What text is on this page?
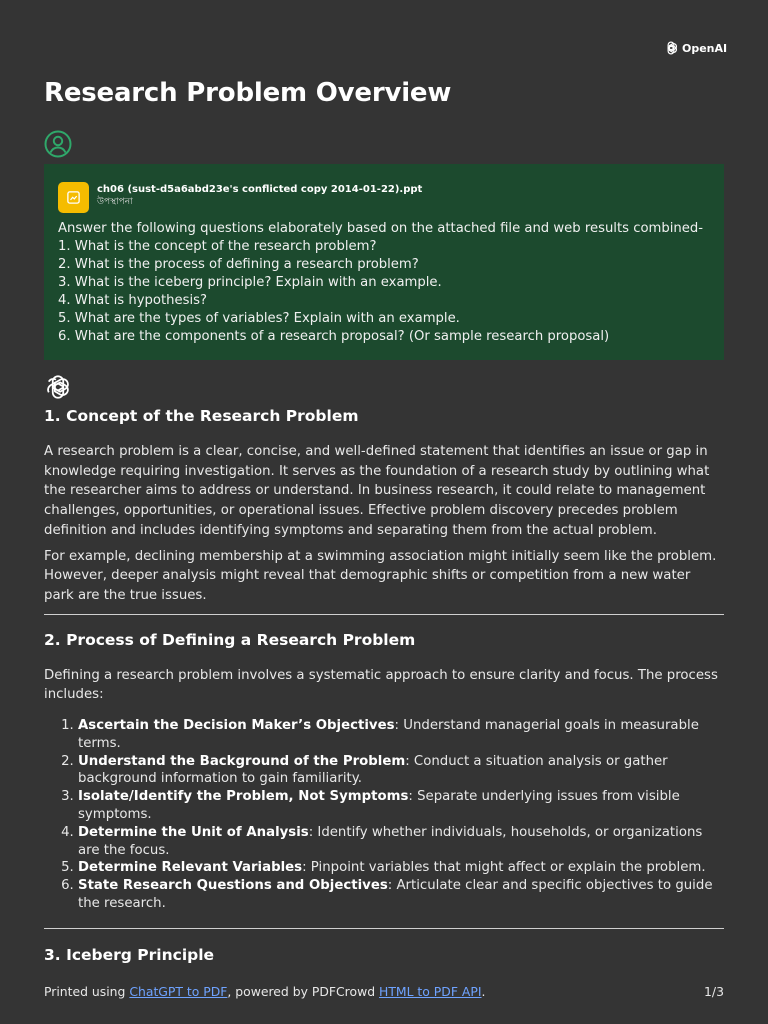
OpenAI
Research Problem Overview
ch06 (sust-d5a6abd23e's conflicted copy 2014-01-22).ppt
উপস্থাপনা
Answer the following questions elaborately based on the attached file and web results combined-
1. What is the concept of the research problem?
2. What is the process of defining a research problem?
3. What is the iceberg principle? Explain with an example.
4. What is hypothesis?
5. What are the types of variables? Explain with an example.
6. What are the components of a research proposal? (Or sample research proposal)
1. Concept of the Research Problem

A research problem is a clear, concise, and well-defined statement that identifies an issue or gap in knowledge requiring investigation. It serves as the foundation of a research study by outlining what the researcher aims to address or understand. In business research, it could relate to management challenges, opportunities, or operational issues. Effective problem discovery precedes problem definition and includes identifying symptoms and separating them from the actual problem.

For example, declining membership at a swimming association might initially seem like the problem. However, deeper analysis might reveal that demographic shifts or competition from a new water park are the true issues.

2. Process of Defining a Research Problem

Defining a research problem involves a systematic approach to ensure clarity and focus. The process includes:

1. Ascertain the Decision Maker’s Objectives: Understand managerial goals in measurable terms.
2. Understand the Background of the Problem: Conduct a situation analysis or gather background information to gain familiarity.
3. Isolate/Identify the Problem, Not Symptoms: Separate underlying issues from visible symptoms.
4. Determine the Unit of Analysis: Identify whether individuals, households, or organizations are the focus.
5. Determine Relevant Variables: Pinpoint variables that might affect or explain the problem.
6. State Research Questions and Objectives: Articulate clear and specific objectives to guide the research.
3. Iceberg Principle
Printed using ChatGPT to PDF, powered by PDFCrowd HTML to PDF API.	1/3
